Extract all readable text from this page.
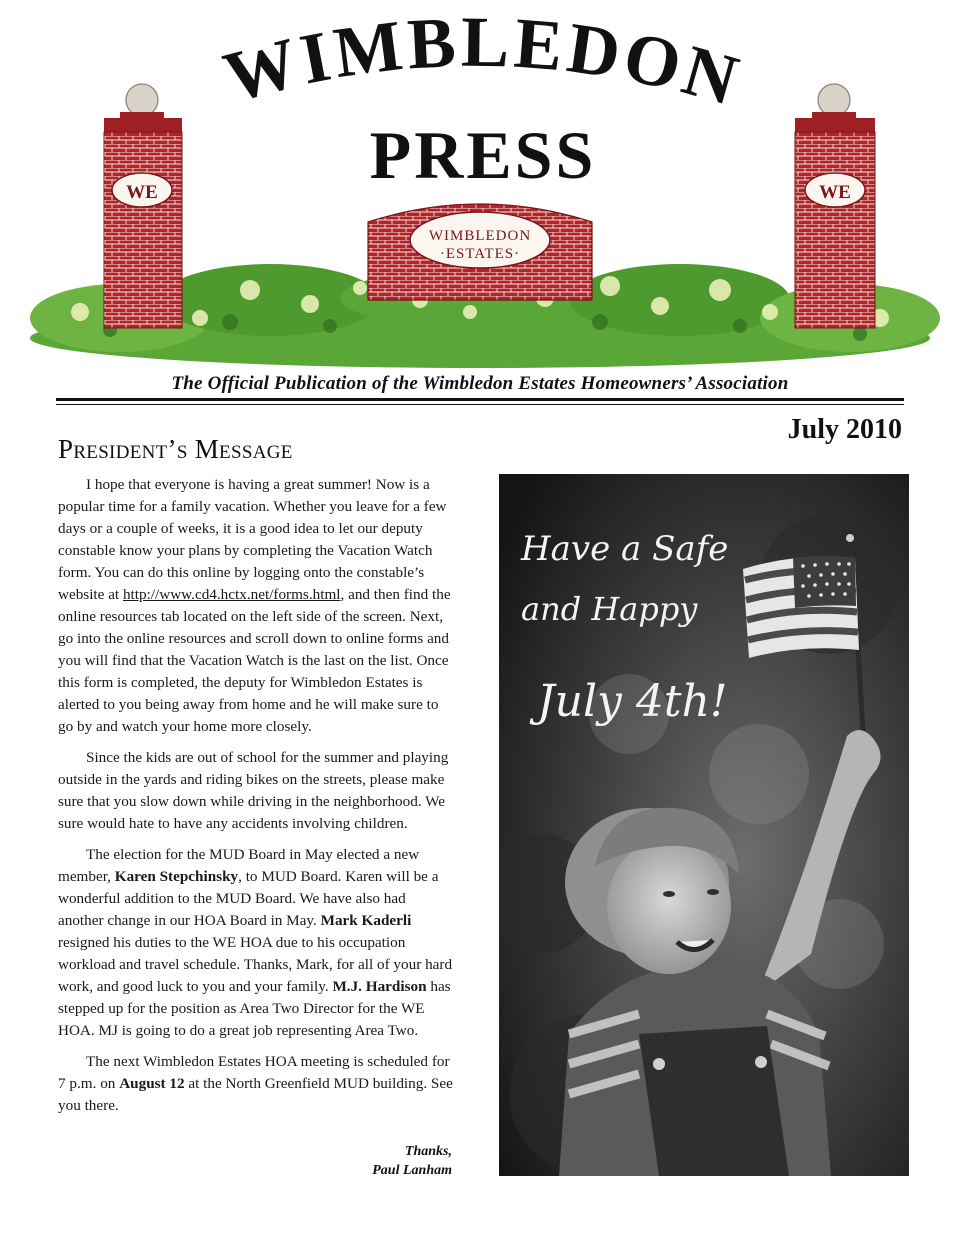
WIMBLEDON
PRESS
WE	WE
WIMBLEDON
·ESTATES·
The Official Publication of the Wimbledon Estates Homeowners’ Association
July 2010
President’s Message

I hope that everyone is having a great summer! Now is a popular time for a family vacation. Whether you leave for a few days or a couple of weeks, it is a good idea to let our deputy constable know your plans by completing the Vacation Watch form. You can do this online by logging onto the constable’s website at http://www.cd4.hctx.net/forms.html, and then find the online resources tab located on the left side of the screen. Next, go into the online resources and scroll down to online forms and you will find that the Vacation Watch is the last on the list. Once this form is completed, the deputy for Wimbledon Estates is alerted to you being away from home and he will make sure to go by and watch your home more closely.

Since the kids are out of school for the summer and playing outside in the yards and riding bikes on the streets, please make sure that you slow down while driving in the neighborhood. We sure would hate to have any accidents involving children.

The election for the MUD Board in May elected a new member, Karen Stepchinsky, to MUD Board. Karen will be a wonderful addition to the MUD Board. We have also had another change in our HOA Board in May. Mark Kaderli resigned his duties to the WE HOA due to his occupation workload and travel schedule. Thanks, Mark, for all of your hard work, and good luck to you and your family. M.J. Hardison has stepped up for the position as Area Two Director for the WE HOA. MJ is going to do a great job representing Area Two.

The next Wimbledon Estates HOA meeting is scheduled for 7 p.m. on August 12 at the North Greenfield MUD building. See you there.

Thanks,
Paul Lanham
Have a Safe
and Happy
July 4th!
